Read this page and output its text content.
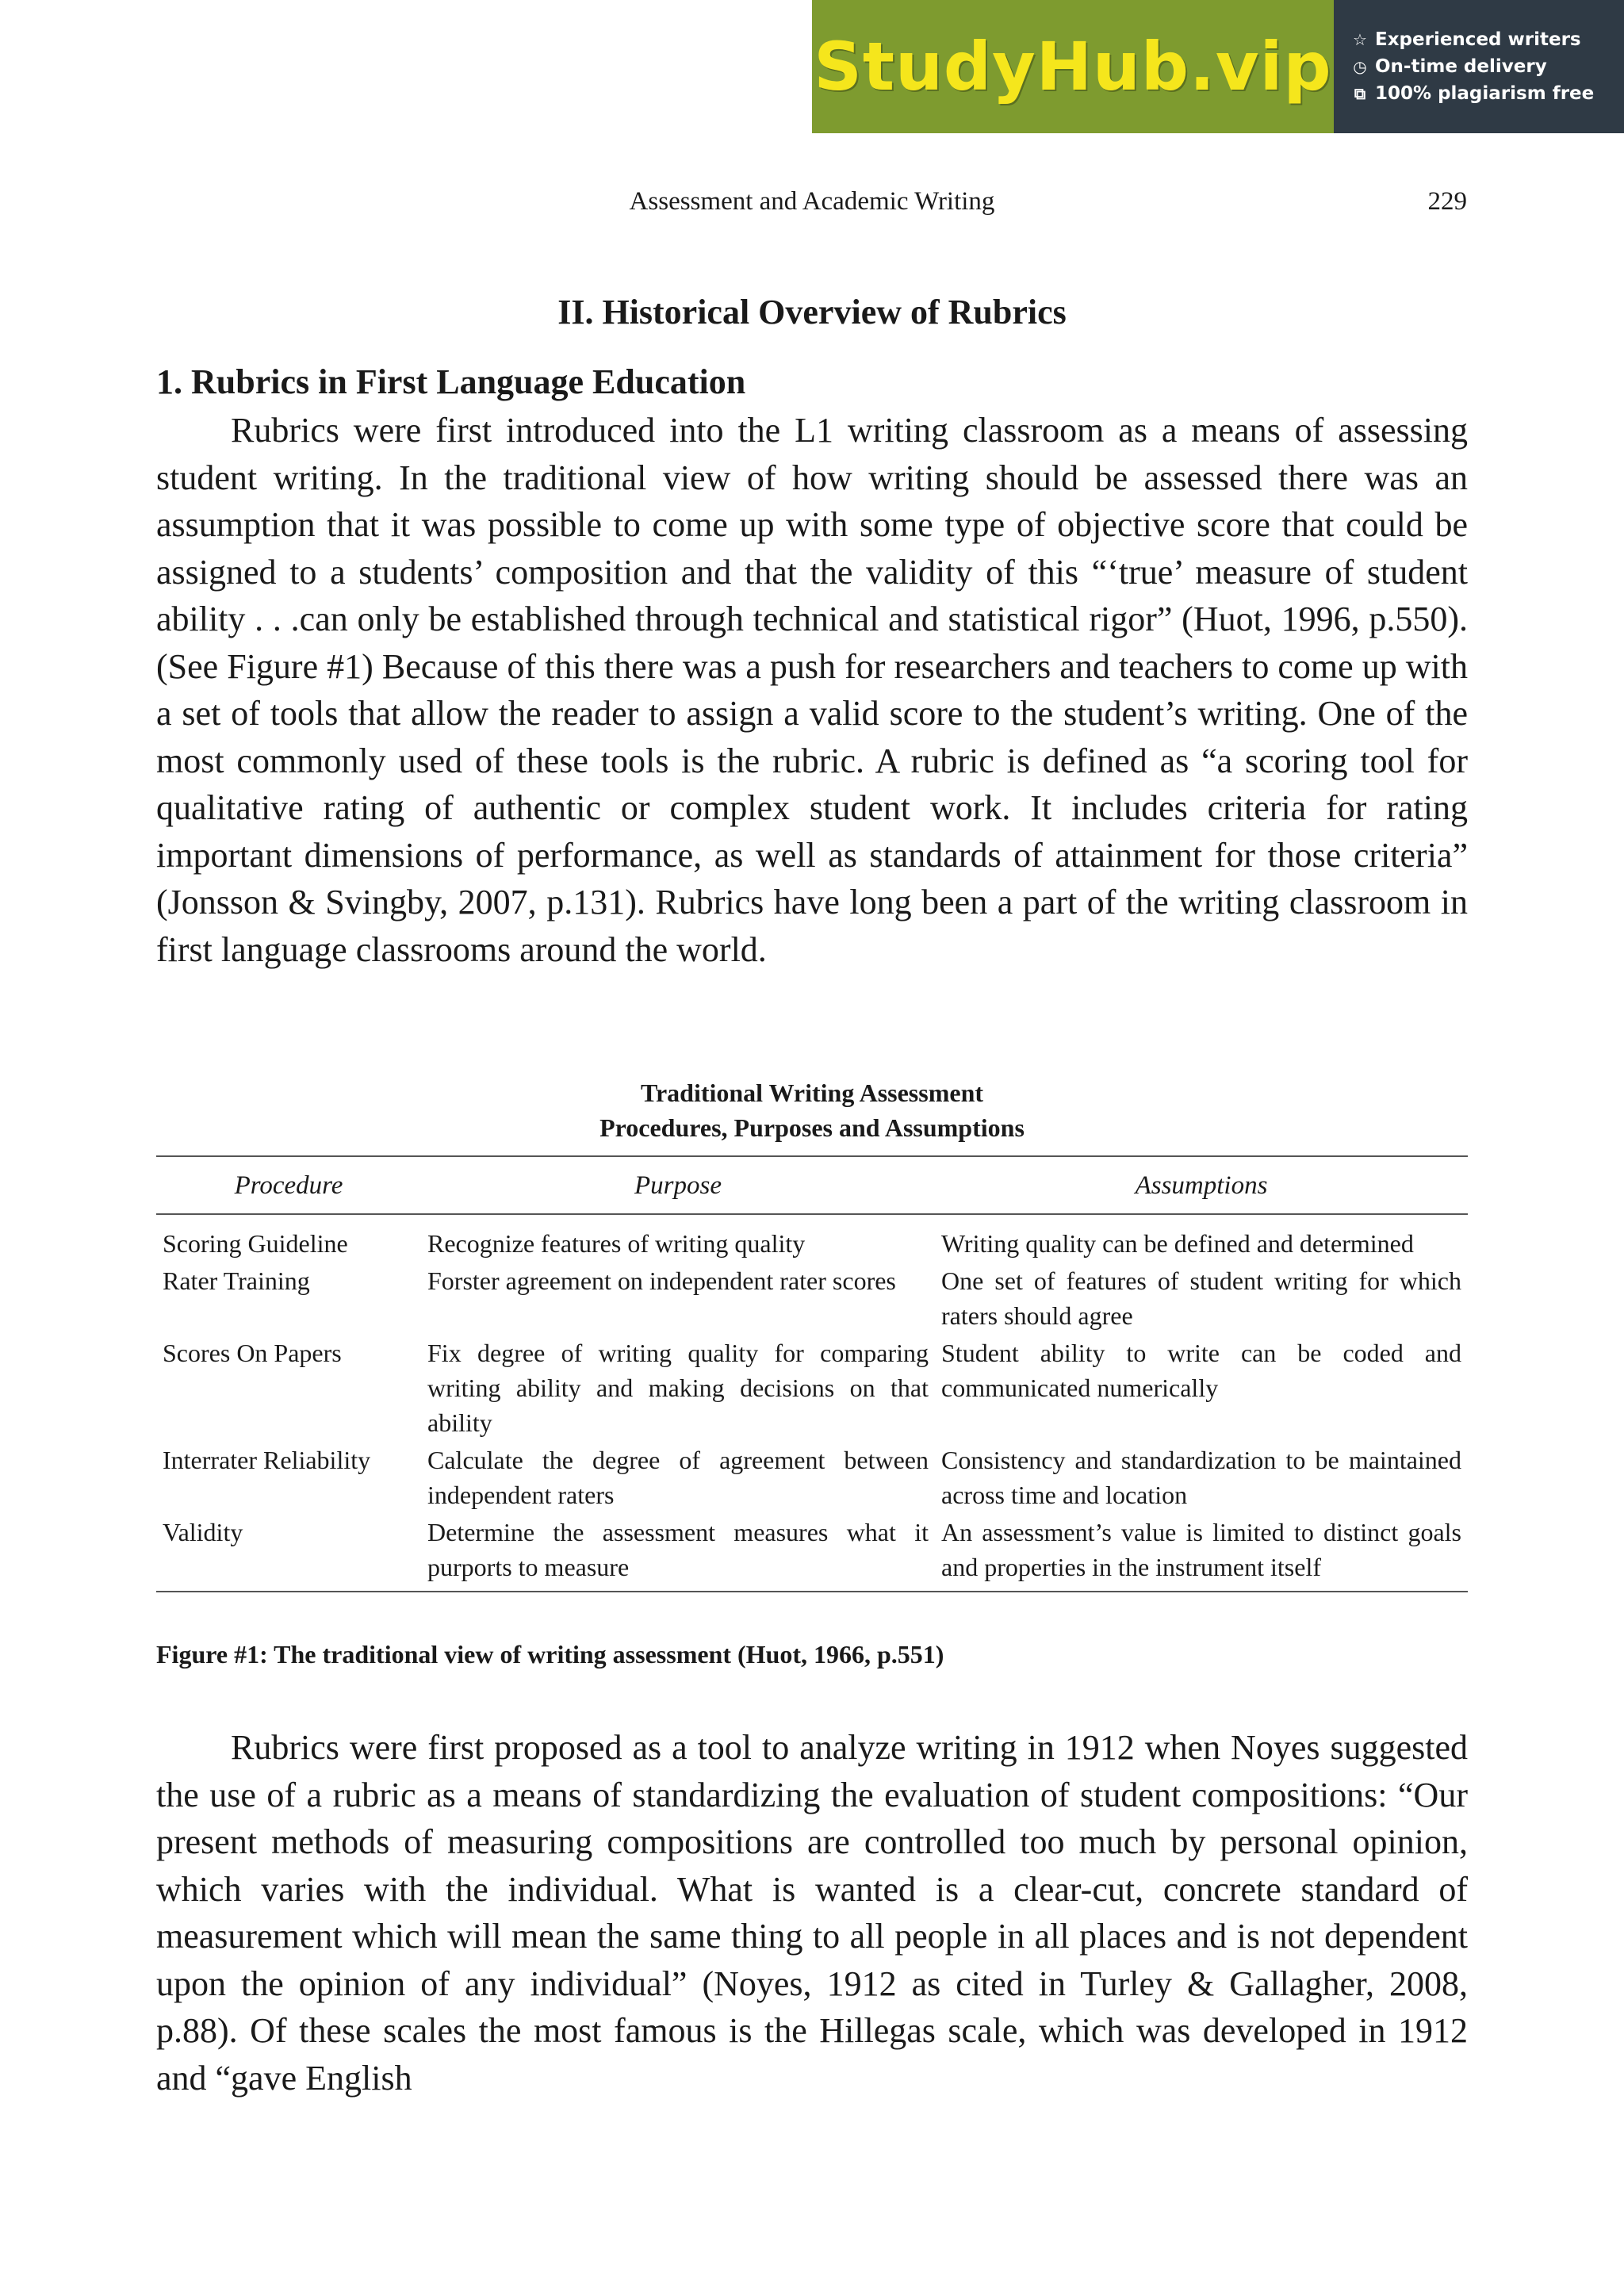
StudyHub.vip ☆ Experienced writers
◷ On-time delivery
⧉ 100% plagiarism free
Assessment and Academic Writing	229
II. Historical Overview of Rubrics
1. Rubrics in First Language Education

Rubrics were first introduced into the L1 writing classroom as a means of assessing student writing. In the traditional view of how writing should be assessed there was an assumption that it was possible to come up with some type of objective score that could be assigned to a students’ composition and that the validity of this “‘true’ measure of student ability . . .can only be established through technical and statistical rigor” (Huot, 1996, p.550). (See Figure #1) Because of this there was a push for researchers and teachers to come up with a set of tools that allow the reader to assign a valid score to the student’s writing. One of the most commonly used of these tools is the rubric. A rubric is defined as “a scoring tool for qualitative rating of authentic or complex student work. It includes criteria for rating important dimensions of performance, as well as standards of attainment for those criteria” (Jonsson & Svingby, 2007, p.131). Rubrics have long been a part of the writing classroom in first language classrooms around the world.

Traditional Writing Assessment
Procedures, Purposes and Assumptions
Procedure	Purpose	Assumptions
Scoring Guideline	Recognize features of writing quality	Writing quality can be defined and determined
Rater Training	Forster agreement on independent rater scores	One set of features of student writing for which raters should agree
Scores On Papers	Fix degree of writing quality for comparing writing ability and making decisions on that ability	Student ability to write can be coded and communicated numerically
Interrater Reliability	Calculate the degree of agreement between independent raters	Consistency and standardization to be maintained across time and location
Validity	Determine the assessment measures what it purports to measure	An assessment’s value is limited to distinct goals and properties in the instrument itself
Figure #1: The traditional view of writing assessment (Huot, 1966, p.551)

Rubrics were first proposed as a tool to analyze writing in 1912 when Noyes suggested the use of a rubric as a means of standardizing the evaluation of student compositions: “Our present methods of measuring compositions are controlled too much by personal opinion, which varies with the individual. What is wanted is a clear-cut, concrete standard of measurement which will mean the same thing to all people in all places and is not dependent upon the opinion of any individual” (Noyes, 1912 as cited in Turley & Gallagher, 2008, p.88). Of these scales the most famous is the Hillegas scale, which was developed in 1912 and “gave English
